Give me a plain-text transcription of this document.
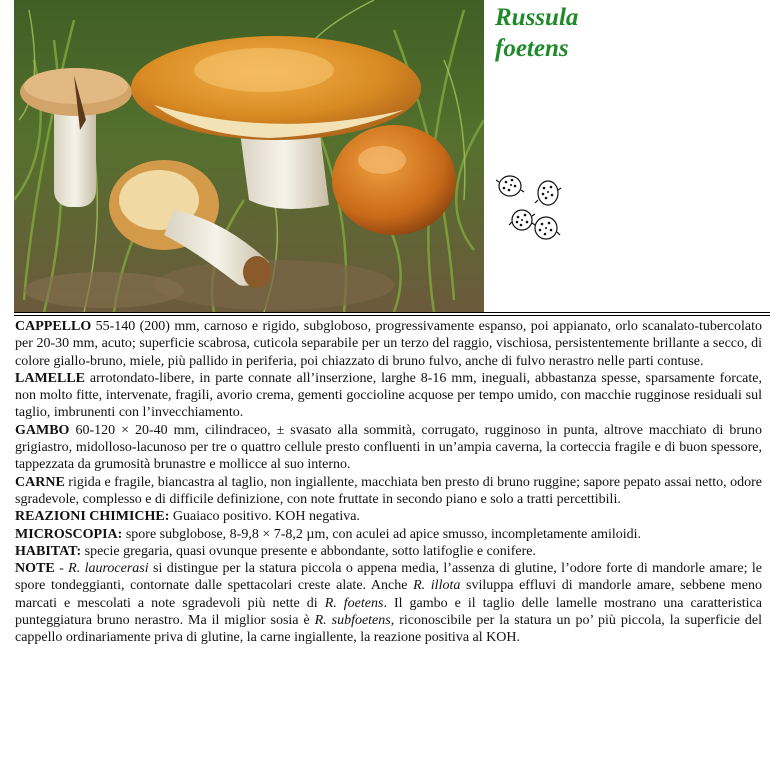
Russula
foetens

CAPPELLO 55-140 (200) mm, carnoso e rigido, subgloboso, progressivamente espanso, poi appianato, orlo scanalato-tubercolato per 20-30 mm, acuto; superficie scabrosa, cuticola separabile per un terzo del raggio, vischiosa, persistentemente brillante a secco, di colore giallo-bruno, miele, più pallido in periferia, poi chiazzato di bruno fulvo, anche di fulvo nerastro nelle parti contuse.

LAMELLE arrotondato-libere, in parte connate all’inserzione, larghe 8-16 mm, ineguali, abbastanza spesse, sparsamente forcate, non molto fitte, intervenate, fragili, avorio crema, gementi goccioline acquose per tempo umido, con macchie rugginose residuali sul taglio, imbrunenti con l’invecchiamento.

GAMBO 60-120 × 20-40 mm, cilindraceo, ± svasato alla sommità, corrugato, rugginoso in punta, altrove macchiato di bruno grigiastro, midolloso-lacunoso per tre o quattro cellule presto confluenti in un’ampia caverna, la corteccia fragile e di buon spessore, tappezzata da grumosità brunastre e mollicce al suo interno.

CARNE rigida e fragile, biancastra al taglio, non ingiallente, macchiata ben presto di bruno ruggine; sapore pepato assai netto, odore sgradevole, complesso e di difficile definizione, con note fruttate in secondo piano e solo a tratti percettibili.

REAZIONI CHIMICHE: Guaiaco positivo. KOH negativa.

MICROSCOPIA: spore subglobose, 8-9,8 × 7-8,2 µm, con aculei ad apice smusso, incompletamente amiloidi.

HABITAT: specie gregaria, quasi ovunque presente e abbondante, sotto latifoglie e conifere.

NOTE - R. laurocerasi si distingue per la statura piccola o appena media, l’assenza di glutine, l’odore forte di mandorle amare; le spore tondeggianti, contornate dalle spettacolari creste alate. Anche R. illota sviluppa effluvi di mandorle amare, sebbene meno marcati e mescolati a note sgradevoli più nette di R. foetens. Il gambo e il taglio delle lamelle mostrano una caratteristica punteggiatura bruno nerastro. Ma il miglior sosia è R. subfoetens, riconoscibile per la statura un po’ più piccola, la superficie del cappello ordinariamente priva di glutine, la carne ingiallente, la reazione positiva al KOH.
